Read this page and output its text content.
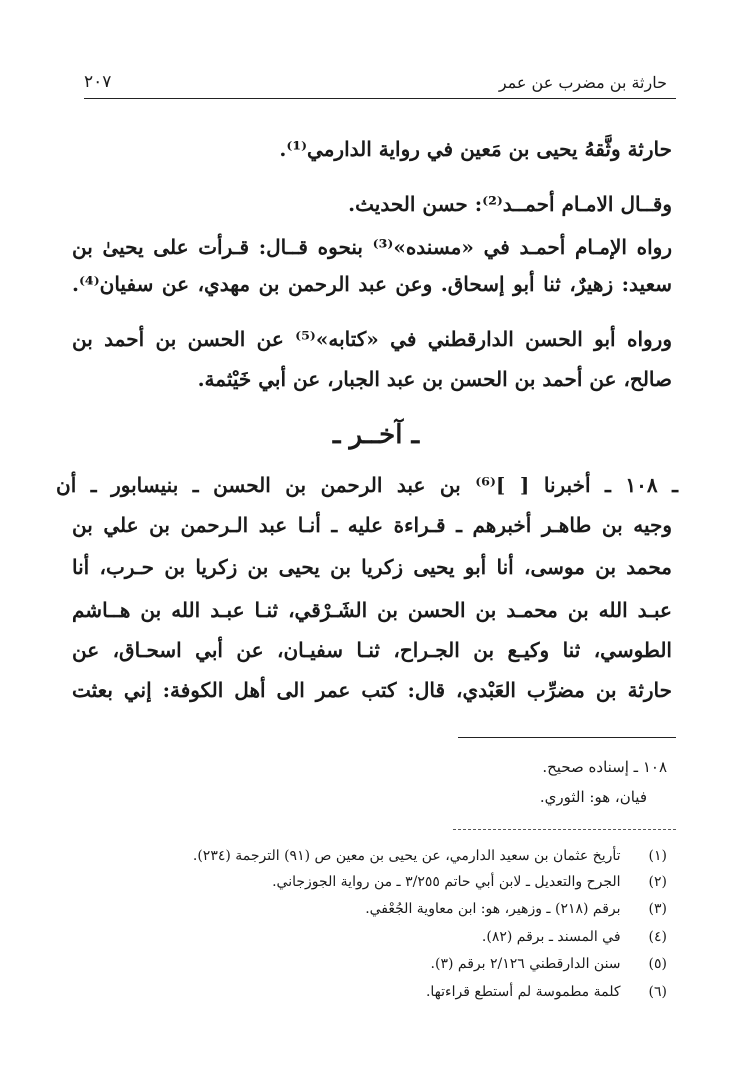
حارثة بن مضرب عن عمر
٢٠٧
حارثة وثَّقهُ يحيى بن مَعين في رواية الدارمي⁽¹⁾.
وقــال الامـام أحمــد⁽²⁾: حسن الحديث.
رواه الإمـام أحمـد في «مسنده»⁽³⁾ بنحوه قــال: قـرأت على يحيىٰ بن
سعيد: زهيرٌ، ثنا أبو إسحاق. وعن عبد الرحمن بن مهدي، عن سفيان⁽⁴⁾.
ورواه أبو الحسن الدارقطني في «كتابه»⁽⁵⁾ عن الحسن بن أحمد بن
صالح، عن أحمد بن الحسن بن عبد الجبار، عن أبي خَيْثمة.
ـ آخــر ـ
ـ ١٠٨ ـ أخبرنا [ ]⁽⁶⁾ بن عبد الرحمن بن الحسن ـ بنيسابور ـ أن
وجيه بن طاهـر أخبرهم ـ قـراءة عليه ـ أنـا عبد الـرحمن بن علي بن
محمد بن موسى، أنا أبو يحيى زكريا بن يحيى بن زكريا بن حـرب، أنا
عبـد الله بن محمـد بن الحسن بن الشَـرْقي، ثنـا عبـد الله بن هــاشم
الطوسي، ثنا وكيـع بن الجـراح، ثنـا سفيـان، عن أبي اسحـاق، عن
حارثة بن مضرِّب العَبْدي، قال: كتب عمر الى أهل الكوفة: إني بعثت
١٠٨ ـ إسناده صحيح.
فيان، هو: الثوري.
(١) تأريخ عثمان بن سعيد الدارمي، عن يحيى بن معين ص (٩١) الترجمة (٢٣٤).
(٢) الجرح والتعديل ـ لابن أبي حاتم ٣/٢٥٥ ـ من رواية الجوزجاني.
(٣) برقم (٢١٨) ـ وزهير، هو: ابن معاوية الجُعْفي.
(٤) في المسند ـ برقم (٨٢).
(٥) سنن الدارقطني ٢/١٢٦ برقم (٣).
(٦) كلمة مطموسة لم أستطع قراءتها.
